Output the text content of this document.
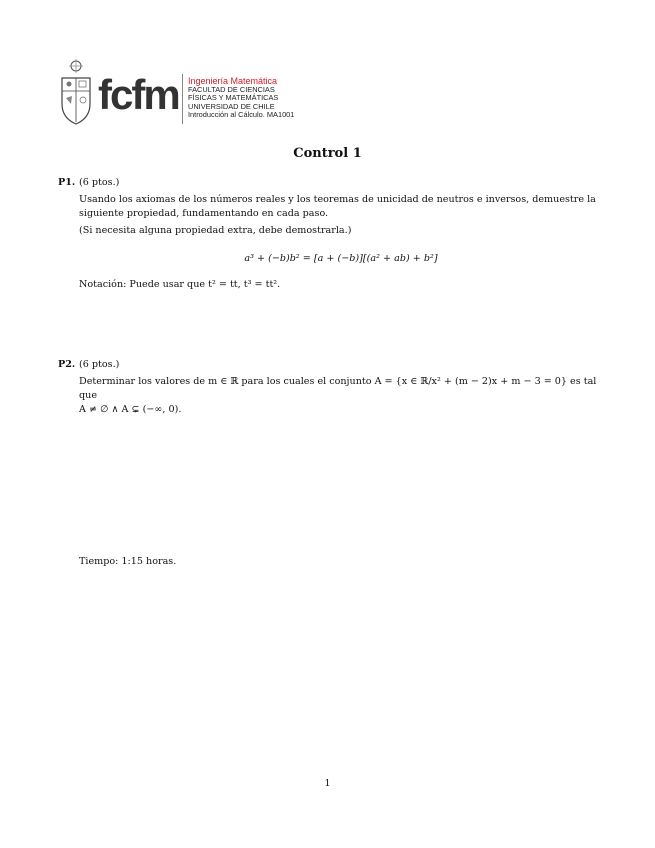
fcfm Ingeniería Matemática
FACULTAD DE CIENCIAS
FÍSICAS Y MATEMÁTICAS
UNIVERSIDAD DE CHILE
Introducción al Cálculo. MA1001
Control 1
P1. (6 ptos.)

Usando los axiomas de los números reales y los teoremas de unicidad de neutros e inversos, demuestre la siguiente propiedad, fundamentando en cada paso.

(Si necesita alguna propiedad extra, debe demostrarla.)

a³ + (−b)b² = [a + (−b)][(a² + ab) + b²]

Notación: Puede usar que t² = tt, t³ = tt².

P2. (6 ptos.)

Determinar los valores de m ∈ ℝ para los cuales el conjunto A = {x ∈ ℝ/x² + (m − 2)x + m − 3 = 0} es tal que

A ≠ ∅ ∧ A ⊊ (−∞, 0).

Tiempo: 1:15 horas.
1
